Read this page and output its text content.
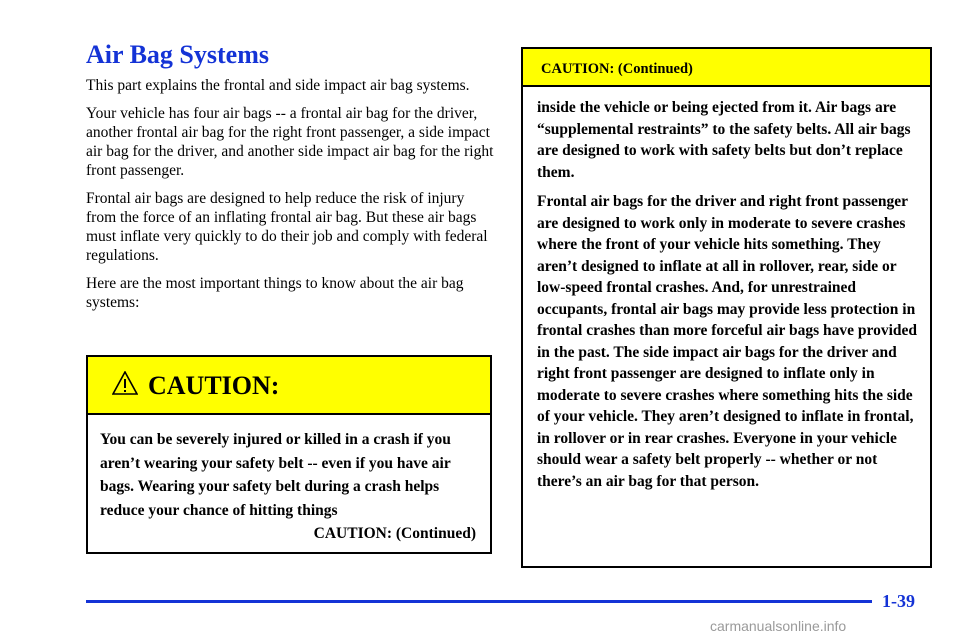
Air Bag Systems

This part explains the frontal and side impact air bag systems.

Your vehicle has four air bags -- a frontal air bag for the driver, another frontal air bag for the right front passenger, a side impact air bag for the driver, and another side impact air bag for the right front passenger.

Frontal air bags are designed to help reduce the risk of injury from the force of an inflating frontal air bag. But these air bags must inflate very quickly to do their job and comply with federal regulations.

Here are the most important things to know about the air bag systems:

CAUTION:
You can be severely injured or killed in a crash if you aren’t wearing your safety belt -- even if you have air bags. Wearing your safety belt during a crash helps reduce your chance of hitting things
CAUTION: (Continued)
CAUTION: (Continued)

inside the vehicle or being ejected from it. Air bags are “supplemental restraints” to the safety belts. All air bags are designed to work with safety belts but don’t replace them.

Frontal air bags for the driver and right front passenger are designed to work only in moderate to severe crashes where the front of your vehicle hits something. They aren’t designed to inflate at all in rollover, rear, side or low-speed frontal crashes. And, for unrestrained occupants, frontal air bags may provide less protection in frontal crashes than more forceful air bags have provided in the past. The side impact air bags for the driver and right front passenger are designed to inflate only in moderate to severe crashes where something hits the side of your vehicle. They aren’t designed to inflate in frontal, in rollover or in rear crashes. Everyone in your vehicle should wear a safety belt properly -- whether or not there’s an air bag for that person.

1-39
carmanualsonline.info
